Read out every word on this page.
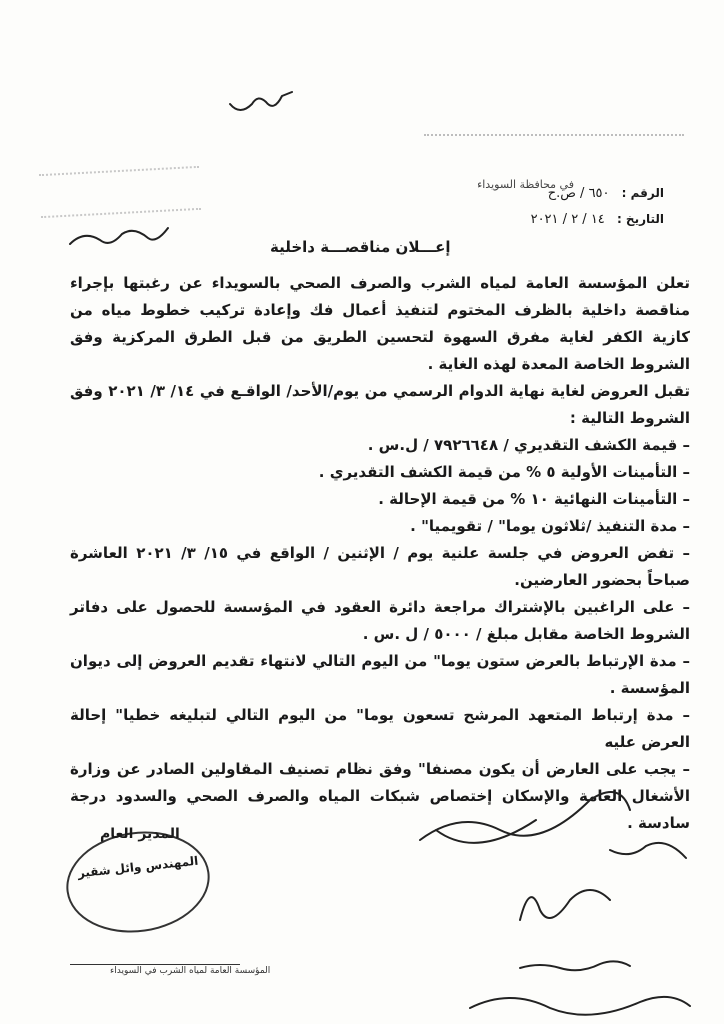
في محافظة السويداء
الرقم : ٦٥٠ / ص.ح
التاريخ : ١٤ / ٢ / ٢٠٢١
إعـــلان مناقصـــة داخلية

تعلن المؤسسة العامة لمياه الشرب والصرف الصحي بالسويداء عن رغبتها بإجراء مناقصة داخلية بالظرف المختوم لتنفيذ أعمال فك وإعادة تركيب خطوط مياه من كازية الكفر لغاية مفرق السهوة لتحسين الطريق من قبل الطرق المركزية وفق الشروط الخاصة المعدة لهذه الغاية .

تقبل العروض لغاية نهاية الدوام الرسمي من يوم/الأحد/ الواقـع في ١٤/ ٣/ ٢٠٢١ وفق الشروط التالية :

– قيمة الكشف التقديري / ٧٩٢٦٦٤٨ / ل.س .

– التأمينات الأولية ٥ % من قيمة الكشف التقديري .

– التأمينات النهائية ١٠ % من قيمة الإحالة .

– مدة التنفيذ /ثلاثون يوما" / تقويميا" .

– تفض العروض في جلسة علنية يوم / الإثنين / الواقع في ١٥/ ٣/ ٢٠٢١ العاشرة صباحاً بحضور العارضين.

– على الراغبين بالإشتراك مراجعة دائرة العقود في المؤسسة للحصول على دفاتر الشروط الخاصة مقابل مبلغ / ٥٠٠٠ / ل .س .

– مدة الإرتباط بالعرض ستون يوما" من اليوم التالي لانتهاء تقديم العروض إلى ديوان المؤسسة .

– مدة إرتباط المتعهد المرشح تسعون يوما" من اليوم التالي لتبليغه خطيا" إحالة العرض عليه

– يجب على العارض أن يكون مصنفا" وفق نظام تصنيف المقاولين الصادر عن وزارة الأشغال العامة والإسكان إختصاص شبكات المياه والصرف الصحي والسدود درجة سادسة .

المدير العام
المهندس وائل شقير
المؤسسة العامة لمياه الشرب في السويداء
